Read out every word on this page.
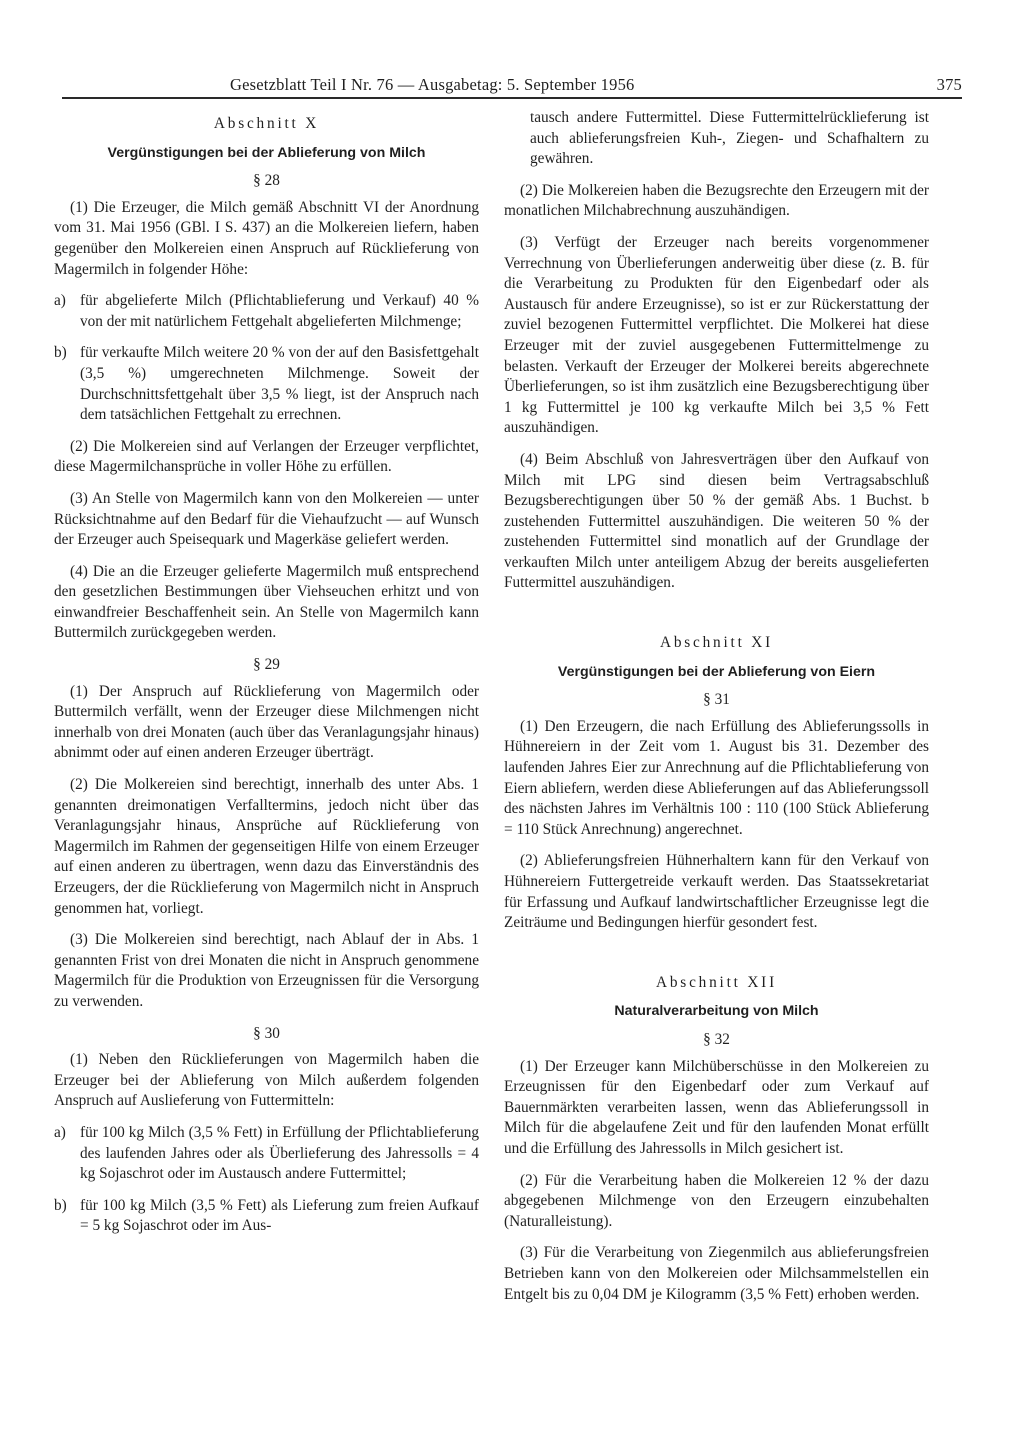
Gesetzblatt Teil I Nr. 76 — Ausgabetag: 5. September 1956	375
Abschnitt X
Vergünstigungen bei der Ablieferung von Milch
§ 28

(1) Die Erzeuger, die Milch gemäß Abschnitt VI der Anordnung vom 31. Mai 1956 (GBl. I S. 437) an die Molkereien liefern, haben gegenüber den Molkereien einen Anspruch auf Rücklieferung von Magermilch in folgender Höhe:

a) für abgelieferte Milch (Pflichtablieferung und Verkauf) 40 % von der mit natürlichem Fettgehalt abgelieferten Milchmenge;
b) für verkaufte Milch weitere 20 % von der auf den Basisfettgehalt (3,5 %) umgerechneten Milchmenge. Soweit der Durchschnittsfettgehalt über 3,5 % liegt, ist der Anspruch nach dem tatsächlichen Fettgehalt zu errechnen.

(2) Die Molkereien sind auf Verlangen der Erzeuger verpflichtet, diese Magermilchansprüche in voller Höhe zu erfüllen.

(3) An Stelle von Magermilch kann von den Molkereien — unter Rücksichtnahme auf den Bedarf für die Viehaufzucht — auf Wunsch der Erzeuger auch Speisequark und Magerkäse geliefert werden.

(4) Die an die Erzeuger gelieferte Magermilch muß entsprechend den gesetzlichen Bestimmungen über Viehseuchen erhitzt und von einwandfreier Beschaffenheit sein. An Stelle von Magermilch kann Buttermilch zurückgegeben werden.

§ 29

(1) Der Anspruch auf Rücklieferung von Magermilch oder Buttermilch verfällt, wenn der Erzeuger diese Milchmengen nicht innerhalb von drei Monaten (auch über das Veranlagungsjahr hinaus) abnimmt oder auf einen anderen Erzeuger überträgt.

(2) Die Molkereien sind berechtigt, innerhalb des unter Abs. 1 genannten dreimonatigen Verfalltermins, jedoch nicht über das Veranlagungsjahr hinaus, Ansprüche auf Rücklieferung von Magermilch im Rahmen der gegenseitigen Hilfe von einem Erzeuger auf einen anderen zu übertragen, wenn dazu das Einverständnis des Erzeugers, der die Rücklieferung von Magermilch nicht in Anspruch genommen hat, vorliegt.

(3) Die Molkereien sind berechtigt, nach Ablauf der in Abs. 1 genannten Frist von drei Monaten die nicht in Anspruch genommene Magermilch für die Produktion von Erzeugnissen für die Versorgung zu verwenden.

§ 30

(1) Neben den Rücklieferungen von Magermilch haben die Erzeuger bei der Ablieferung von Milch außerdem folgenden Anspruch auf Auslieferung von Futtermitteln:

a) für 100 kg Milch (3,5 % Fett) in Erfüllung der Pflichtablieferung des laufenden Jahres oder als Überlieferung des Jahressolls = 4 kg Sojaschrot oder im Austausch andere Futtermittel;
b) für 100 kg Milch (3,5 % Fett) als Lieferung zum freien Aufkauf = 5 kg Sojaschrot oder im Aus-
tausch andere Futtermittel. Diese Futtermittelrücklieferung ist auch ablieferungsfreien Kuh-, Ziegen- und Schafhaltern zu gewähren.

(2) Die Molkereien haben die Bezugsrechte den Erzeugern mit der monatlichen Milchabrechnung auszuhändigen.

(3) Verfügt der Erzeuger nach bereits vorgenommener Verrechnung von Überlieferungen anderweitig über diese (z. B. für die Verarbeitung zu Produkten für den Eigenbedarf oder als Austausch für andere Erzeugnisse), so ist er zur Rückerstattung der zuviel bezogenen Futtermittel verpflichtet. Die Molkerei hat diese Erzeuger mit der zuviel ausgegebenen Futtermittelmenge zu belasten. Verkauft der Erzeuger der Molkerei bereits abgerechnete Überlieferungen, so ist ihm zusätzlich eine Bezugsberechtigung über 1 kg Futtermittel je 100 kg verkaufte Milch bei 3,5 % Fett auszuhändigen.

(4) Beim Abschluß von Jahresverträgen über den Aufkauf von Milch mit LPG sind diesen beim Vertragsabschluß Bezugsberechtigungen über 50 % der gemäß Abs. 1 Buchst. b zustehenden Futtermittel auszuhändigen. Die weiteren 50 % der zustehenden Futtermittel sind monatlich auf der Grundlage der verkauften Milch unter anteiligem Abzug der bereits ausgelieferten Futtermittel auszuhändigen.

Abschnitt XI
Vergünstigungen bei der Ablieferung von Eiern
§ 31

(1) Den Erzeugern, die nach Erfüllung des Ablieferungssolls in Hühnereiern in der Zeit vom 1. August bis 31. Dezember des laufenden Jahres Eier zur Anrechnung auf die Pflichtablieferung von Eiern abliefern, werden diese Ablieferungen auf das Ablieferungssoll des nächsten Jahres im Verhältnis 100 : 110 (100 Stück Ablieferung = 110 Stück Anrechnung) angerechnet.

(2) Ablieferungsfreien Hühnerhaltern kann für den Verkauf von Hühnereiern Futtergetreide verkauft werden. Das Staatssekretariat für Erfassung und Aufkauf landwirtschaftlicher Erzeugnisse legt die Zeiträume und Bedingungen hierfür gesondert fest.

Abschnitt XII
Naturalverarbeitung von Milch
§ 32

(1) Der Erzeuger kann Milchüberschüsse in den Molkereien zu Erzeugnissen für den Eigenbedarf oder zum Verkauf auf Bauernmärkten verarbeiten lassen, wenn das Ablieferungssoll in Milch für die abgelaufene Zeit und für den laufenden Monat erfüllt und die Erfüllung des Jahressolls in Milch gesichert ist.

(2) Für die Verarbeitung haben die Molkereien 12 % der dazu abgegebenen Milchmenge von den Erzeugern einzubehalten (Naturalleistung).

(3) Für die Verarbeitung von Ziegenmilch aus ablieferungsfreien Betrieben kann von den Molkereien oder Milchsammelstellen ein Entgelt bis zu 0,04 DM je Kilogramm (3,5 % Fett) erhoben werden.
